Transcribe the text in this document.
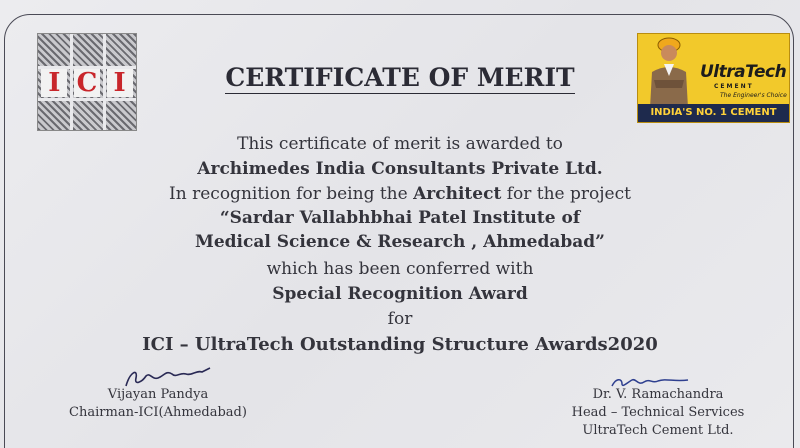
I C I	UltraTech
CEMENT
The Engineer's Choice
INDIA'S NO. 1 CEMENT
CERTIFICATE OF MERIT
This certificate of merit is awarded to
Archimedes India Consultants Private Ltd.
In recognition for being the Architect for the project
“Sardar Vallabhbhai Patel Institute of
Medical Science & Research , Ahmedabad”
which has been conferred with
Special Recognition Award
for
ICI – UltraTech Outstanding Structure Awards2020
Vijayan Pandya
Chairman-ICI(Ahmedabad)
Dr. V. Ramachandra
Head – Technical Services
UltraTech Cement Ltd.
